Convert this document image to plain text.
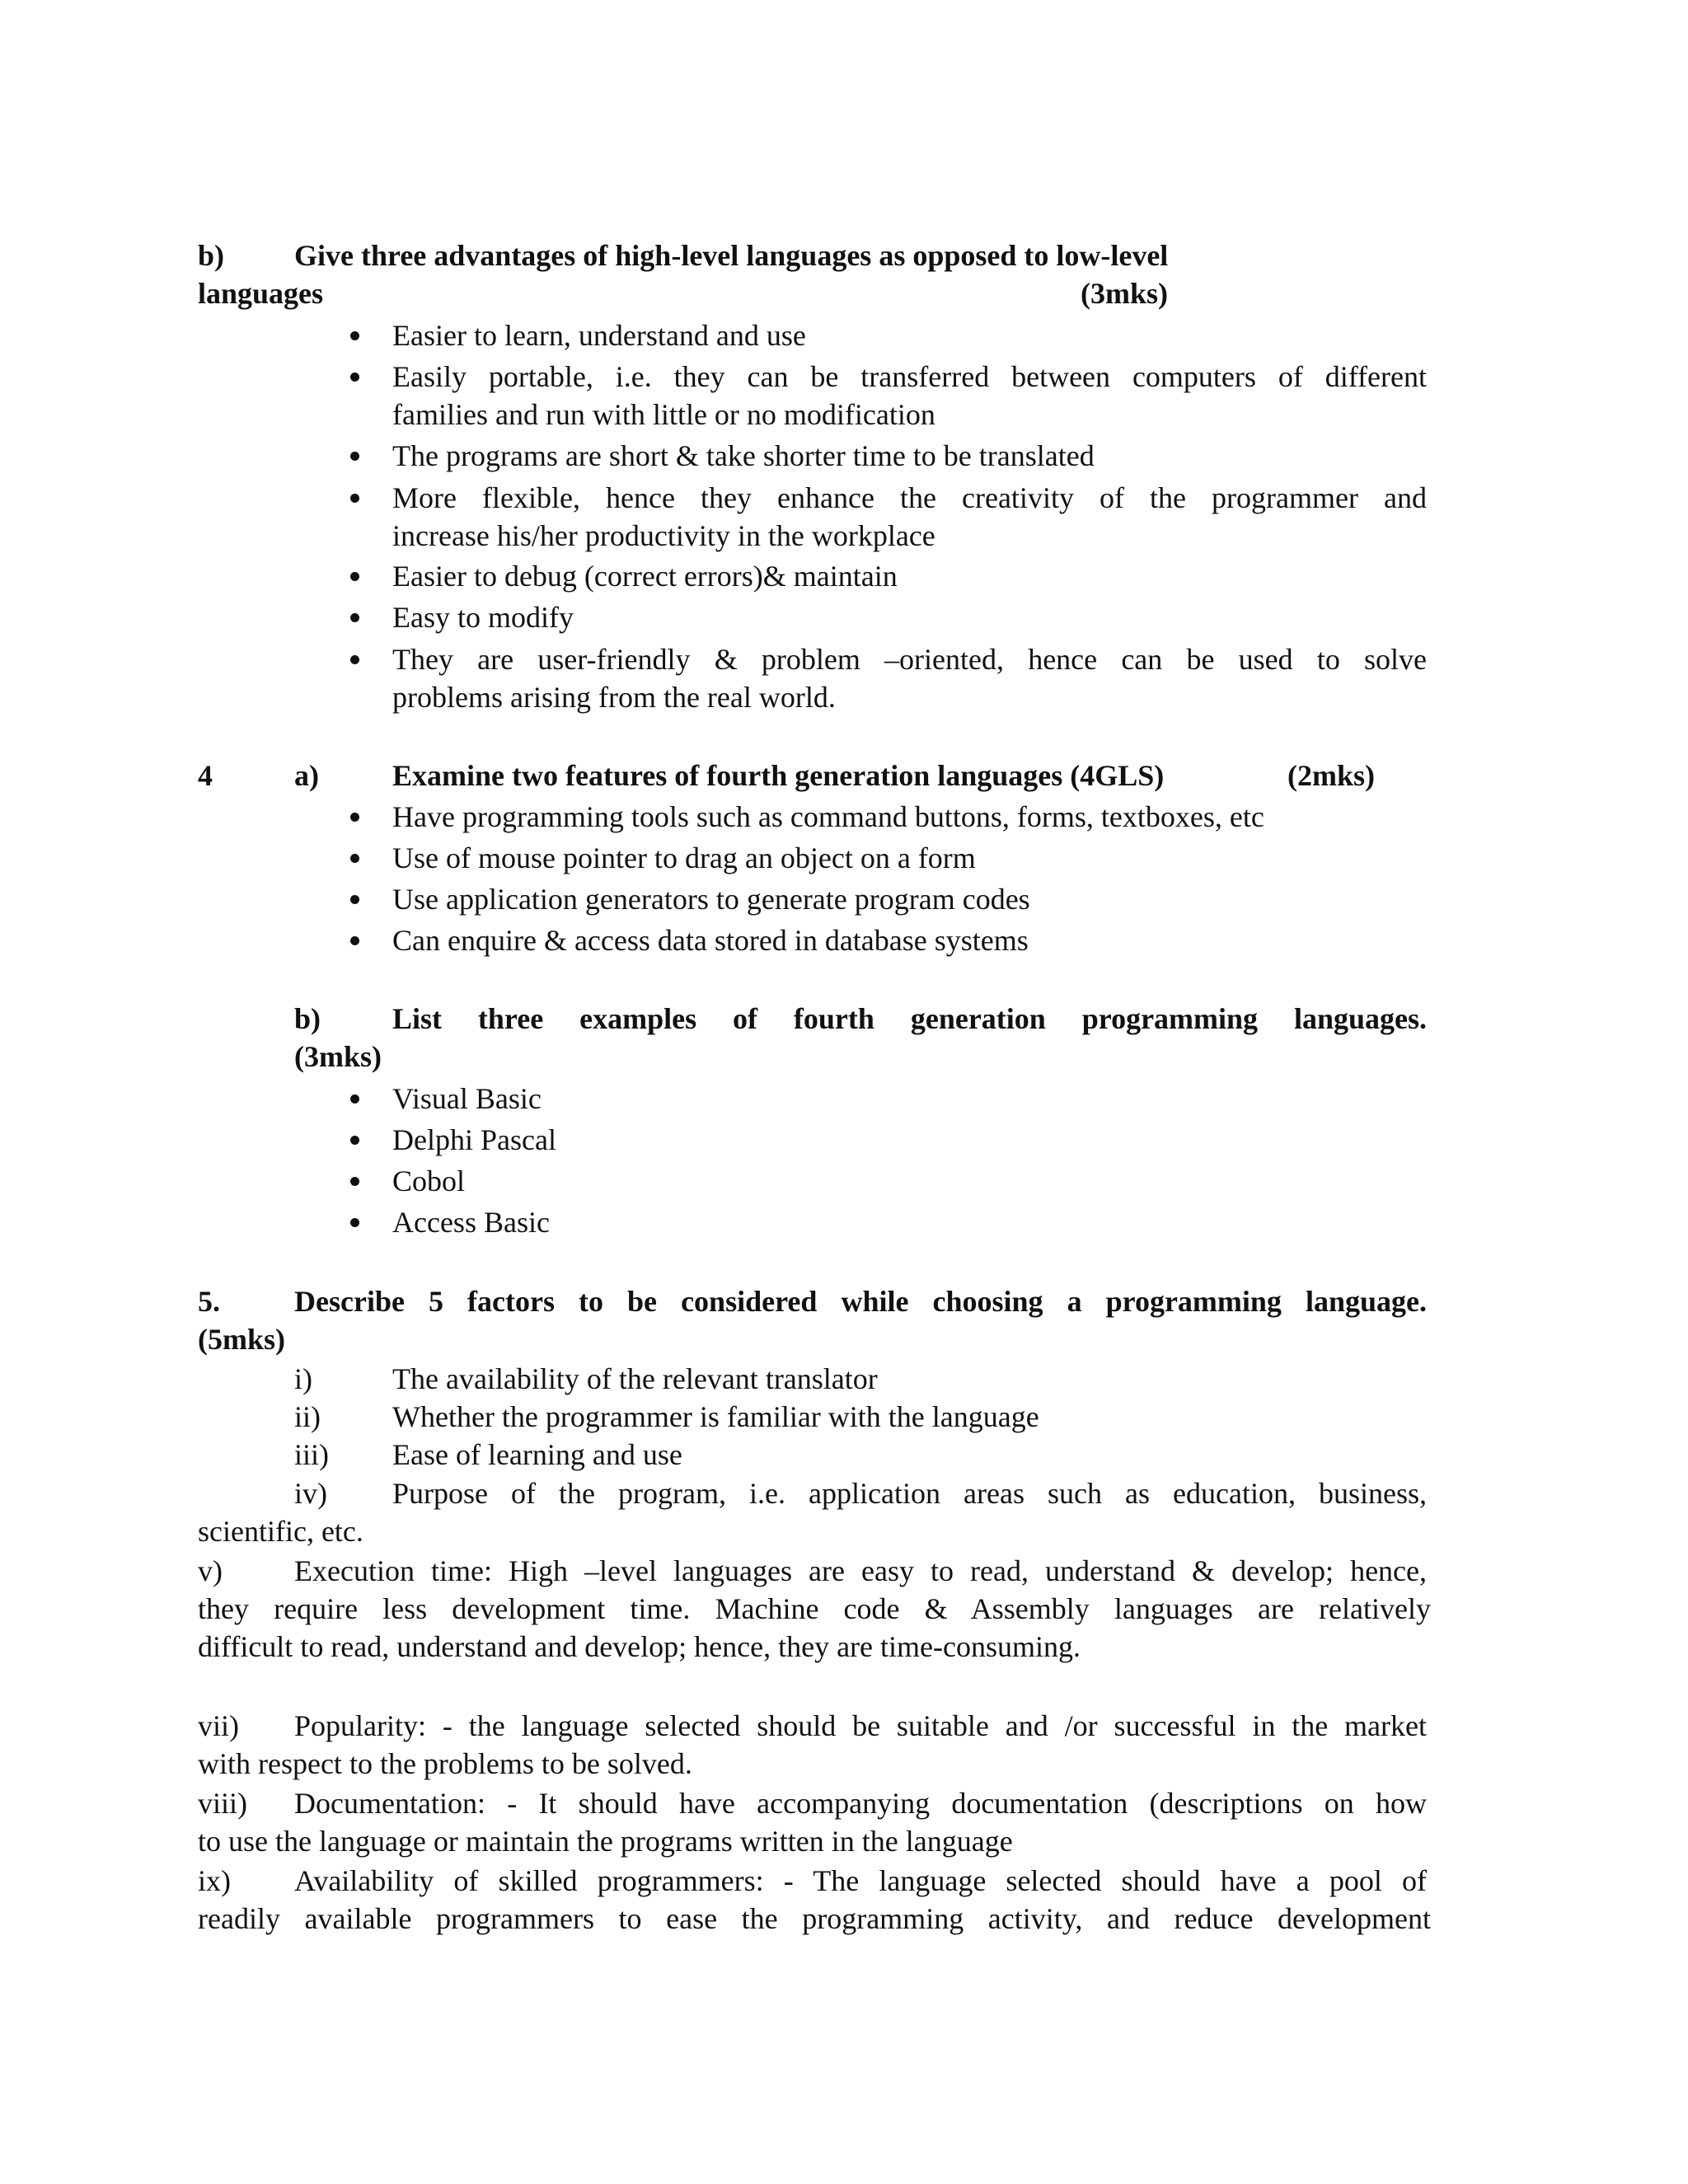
b) Give three advantages of high-level languages as opposed to low-level
languages	(3mks)
Easier to learn, understand and use
Easily portable, i.e. they can be transferred between computers of different
families and run with little or no modification
The programs are short & take shorter time to be translated
More flexible, hence they enhance the creativity of the programmer and
increase his/her productivity in the workplace
Easier to debug (correct errors)& maintain
Easy to modify
They are user-friendly & problem –oriented, hence can be used to solve
problems arising from the real world.
4	a) Examine two features of fourth generation languages (4GLS)	(2mks)
Have programming tools such as command buttons, forms, textboxes, etc
Use of mouse pointer to drag an object on a form
Use application generators to generate program codes
Can enquire & access data stored in database systems
b) List three examples of fourth generation programming languages.
(3mks)
Visual Basic
Delphi Pascal
Cobol
Access Basic
5.	Describe 5 factors to be considered while choosing a programming language.
(5mks)
i)	The availability of the relevant translator
ii) Whether the programmer is familiar with the language
iii) Ease of learning and use
iv) Purpose of the program, i.e. application areas such as education, business,
scientific, etc.
v) Execution time: High –level languages are easy to read, understand & develop; hence,
they require less development time. Machine code & Assembly languages are relatively
difficult to read, understand and develop; hence, they are time-consuming.
vii) Popularity: - the language selected should be suitable and /or successful in the market
with respect to the problems to be solved.
viii) Documentation: - It should have accompanying documentation (descriptions on how
to use the language or maintain the programs written in the language
ix) Availability of skilled programmers: - The language selected should have a pool of
readily available programmers to ease the programming activity, and reduce development
